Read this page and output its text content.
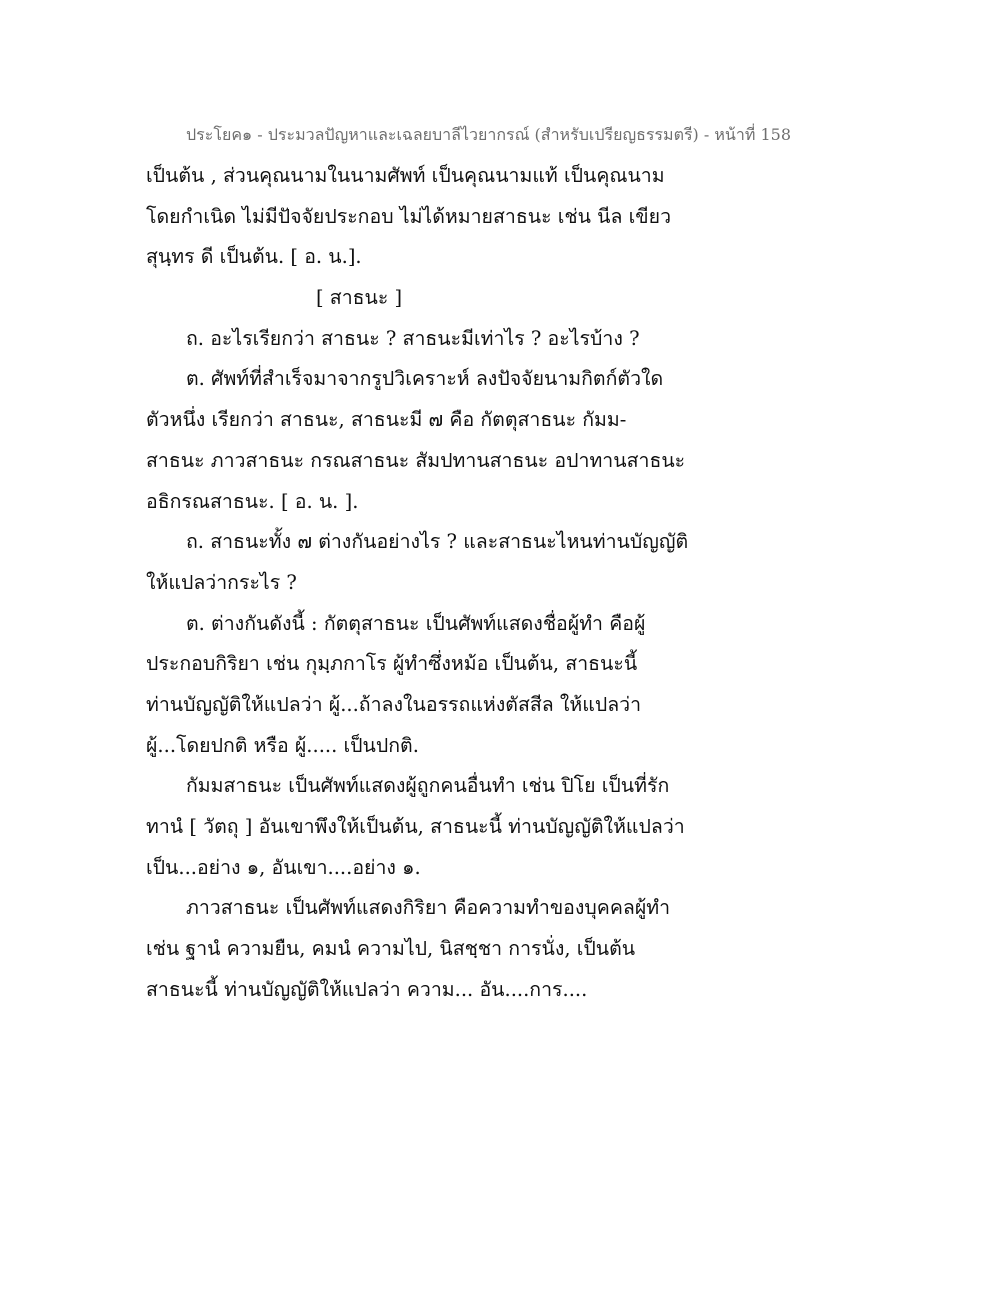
ประโยค๑ - ประมวลปัญหาและเฉลยบาลีไวยากรณ์ (สำหรับเปรียญธรรมตรี) - หน้าที่ 158
เป็นต้น , ส่วนคุณนามในนามศัพท์ เป็นคุณนามแท้ เป็นคุณนาม
โดยกำเนิด ไม่มีปัจจัยประกอบ ไม่ได้หมายสาธนะ เช่น นีล เขียว
สุนฺทร ดี เป็นต้น. [ อ. น.].
[ สาธนะ ]
ถ. อะไรเรียกว่า สาธนะ ? สาธนะมีเท่าไร ? อะไรบ้าง ?
ต. ศัพท์ที่สำเร็จมาจากรูปวิเคราะห์ ลงปัจจัยนามกิตก์ตัวใด
ตัวหนึ่ง เรียกว่า สาธนะ, สาธนะมี ๗ คือ กัตตุสาธนะ กัมม-
สาธนะ ภาวสาธนะ กรณสาธนะ สัมปทานสาธนะ อปาทานสาธนะ
อธิกรณสาธนะ. [ อ. น. ].
ถ. สาธนะทั้ง ๗ ต่างกันอย่างไร ? และสาธนะไหนท่านบัญญัติ
ให้แปลว่ากระไร ?
ต. ต่างกันดังนี้ : กัตตุสาธนะ เป็นศัพท์แสดงชื่อผู้ทำ คือผู้
ประกอบกิริยา เช่น กุมฺภกาโร ผู้ทำซึ่งหม้อ เป็นต้น, สาธนะนี้
ท่านบัญญัติให้แปลว่า ผู้...ถ้าลงในอรรถแห่งตัสสีล ให้แปลว่า
ผู้...โดยปกติ หรือ ผู้..... เป็นปกติ.
กัมมสาธนะ เป็นศัพท์แสดงผู้ถูกคนอื่นทำ เช่น ปิโย เป็นที่รัก
ทานํ [ วัตถุ ] อันเขาพึงให้เป็นต้น, สาธนะนี้ ท่านบัญญัติให้แปลว่า
เป็น...อย่าง ๑, อันเขา....อย่าง ๑.
ภาวสาธนะ เป็นศัพท์แสดงกิริยา คือความทำของบุคคลผู้ทำ
เช่น ฐานํ ความยืน, คมนํ ความไป, นิสชฺชา การนั่ง, เป็นต้น
สาธนะนี้ ท่านบัญญัติให้แปลว่า ความ... อัน....การ....
